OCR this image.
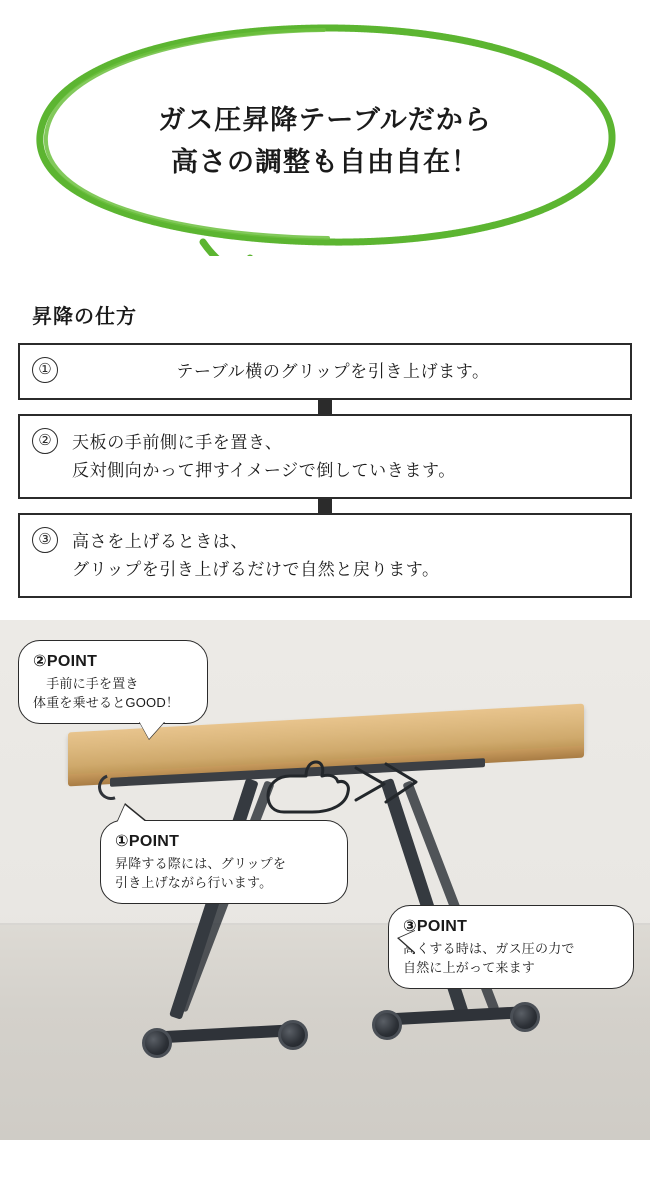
ガス圧昇降テーブルだから
高さの調整も自由自在！
昇降の仕方
①	テーブル横のグリップを引き上げます。
②	天板の手前側に手を置き、
反対側向かって押すイメージで倒していきます。
③	高さを上げるときは、
グリップを引き上げるだけで自然と戻ります。
②POINT
　手前に手を置き
体重を乗せるとGOOD！
①POINT
昇降する際には、グリップを
引き上げながら行います。
③POINT
高くする時は、ガス圧の力で
自然に上がって来ます
